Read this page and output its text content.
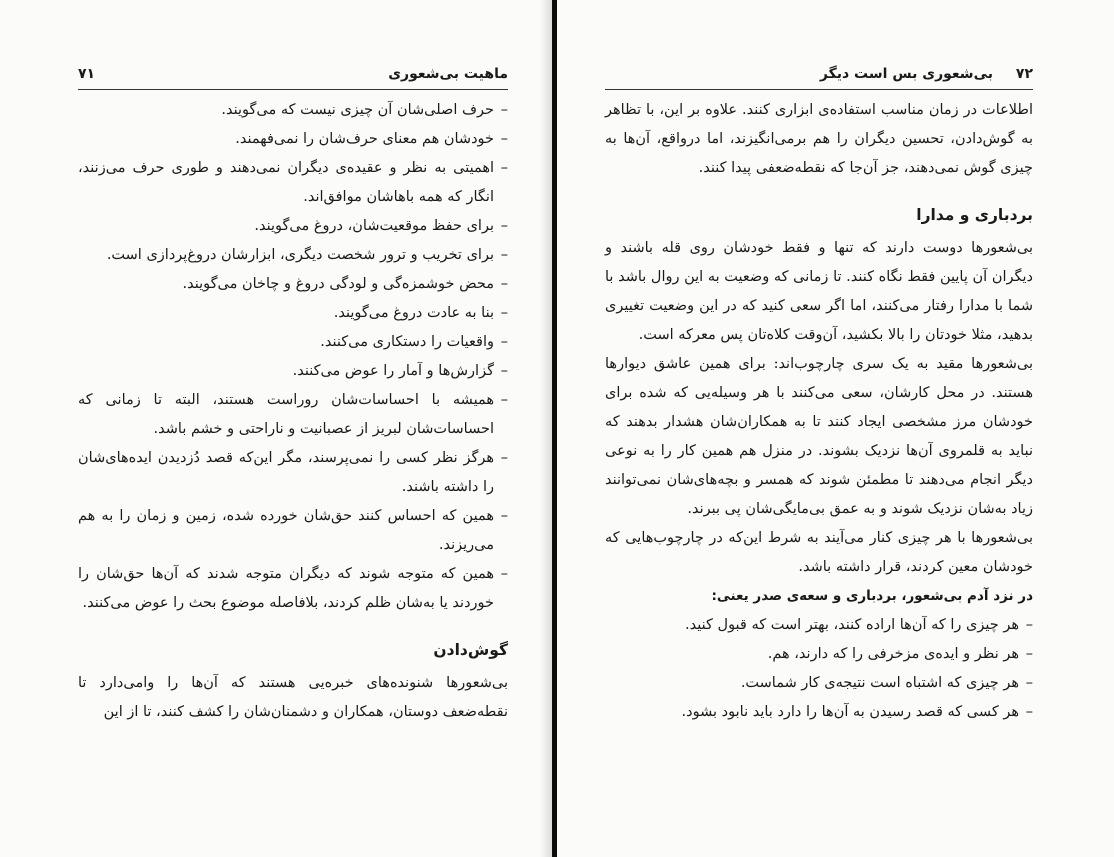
ماهیت بی‌شعوری
۷۱
– حرف اصلی‌شان آن چیزی نیست که می‌گویند.
– خودشان هم معنای حرف‌شان را نمی‌فهمند.
– اهمیتی به نظر و عقیده‌ی دیگران نمی‌دهند و طوری حرف می‌زنند، انگار که همه با‌هاشان موافق‌اند.
– برای حفظ موقعیت‌شان، دروغ می‌گویند.
– برای تخریب و ترور شخصت دیگری، ابزارشان دروغ‌پردازی است.
– محض خوشمزه‌گی و لودگی دروغ و چاخان می‌گویند.
– بنا به عادت دروغ می‌گویند.
– واقعیات را دستکاری می‌کنند.
– گزارش‌ها و آمار را عوض می‌کنند.
– همیشه با احساسات‌شان روراست هستند، البته تا زمانی که احساسات‌شان لبریز از عصبانیت و ناراحتی و خشم باشد.
– هرگز نظر کسی را نمی‌پرسند، مگر این‌که قصد دُزدیدن ایده‌های‌شان را داشته باشند.
– همین که احساس کنند حق‌شان خورده شده، زمین و زمان را به هم می‌ریزند.
– همین که متوجه شوند که دیگران متوجه شدند که آن‌ها حق‌شان را خوردند یا به‌شان ظلم کردند، بلافاصله موضوع بحث را عوض می‌کنند.
گوش‌دادن
بی‌شعورها شنونده‌های خبره‌یی هستند که آن‌ها را وامی‌دارد تا نقطه‌ضعف دوستان، همکاران و دشمنان‌شان را کشف کنند، تا از این
۷۲
بی‌شعوری بس است دیگر
اطلاعات در زمان مناسب استفاده‌ی ابزاری کنند. علاوه بر این، با تظاهر به گوش‌دادن، تحسین دیگران را هم برمی‌انگیزند، اما درواقع، آن‌ها به چیزی گوش نمی‌دهند، جز آن‌جا که نقطه‌ضعفی پیدا کنند.
بردباری و مدارا
بی‌شعورها دوست دارند که تنها و فقط خودشان روی قله باشند و دیگران آن پایین فقط نگاه کنند. تا زمانی که وضعیت به این روال باشد با شما با مدارا رفتار می‌کنند، اما اگر سعی کنید که در این وضعیت تغییری بدهید، مثلا خودتان را بالا بکشید، آن‌وقت کلاه‌تان پس معرکه است.
بی‌شعورها مقید به یک سری چارچوب‌اند: برای همین عاشق دیوارها هستند. در محل کارشان، سعی می‌کنند با هر وسیله‌یی که شده برای خودشان مرز مشخصی ایجاد کنند تا به همکاران‌شان هشدار بدهند که نباید به قلمروی آن‌ها نزدیک بشوند. در منزل هم همین کار را به نوعی دیگر انجام می‌دهند تا مطمئن شوند که همسر و بچه‌های‌شان نمی‌توانند زیاد به‌شان نزدیک شوند و به عمق بی‌مایگی‌شان پی ببرند.
بی‌شعورها با هر چیزی کنار می‌آیند به شرط این‌که در چارچوب‌هایی که خودشان معین کردند، قرار داشته باشد.
در نزد آدم بی‌شعور، بردباری و سعه‌ی صدر یعنی:
– هر چیزی را که آن‌ها اراده کنند، بهتر است که قبول کنید.
– هر نظر و ایده‌ی مزخرفی را که دارند، هم.
– هر چیزی که اشتباه است نتیجه‌ی کار شماست.
– هر کسی که قصد رسیدن به آن‌ها را دارد باید نابود بشود.
